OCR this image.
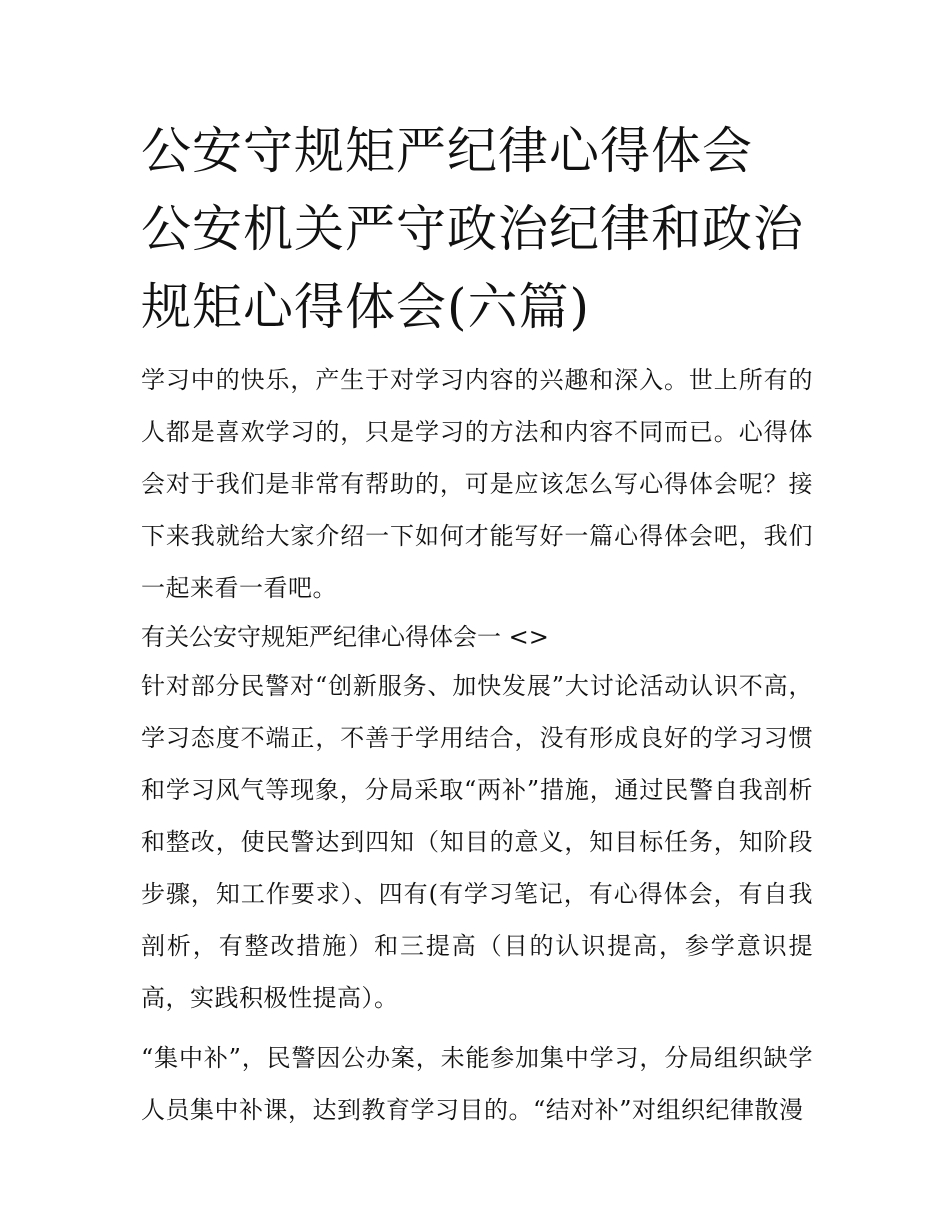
公安守规矩严纪律心得体会 公安机关严守政治纪律和政治规矩心得体会(六篇)

学习中的快乐，产生于对学习内容的兴趣和深入。世上所有的人都是喜欢学习的，只是学习的方法和内容不同而已。心得体会对于我们是非常有帮助的，可是应该怎么写心得体会呢？接下来我就给大家介绍一下如何才能写好一篇心得体会吧，我们一起来看一看吧。

有关公安守规矩严纪律心得体会一 <>

针对部分民警对“创新服务、加快发展”大讨论活动认识不高，学习态度不端正，不善于学用结合，没有形成良好的学习习惯和学习风气等现象，分局采取“两补”措施，通过民警自我剖析和整改，使民警达到四知（知目的意义，知目标任务，知阶段步骤，知工作要求）、四有(有学习笔记，有心得体会，有自我剖析，有整改措施）和三提高（目的认识提高，参学意识提高，实践积极性提高）。

“集中补”，民警因公办案，未能参加集中学习，分局组织缺学人员集中补课，达到教育学习目的。“结对补”对组织纪律散漫
